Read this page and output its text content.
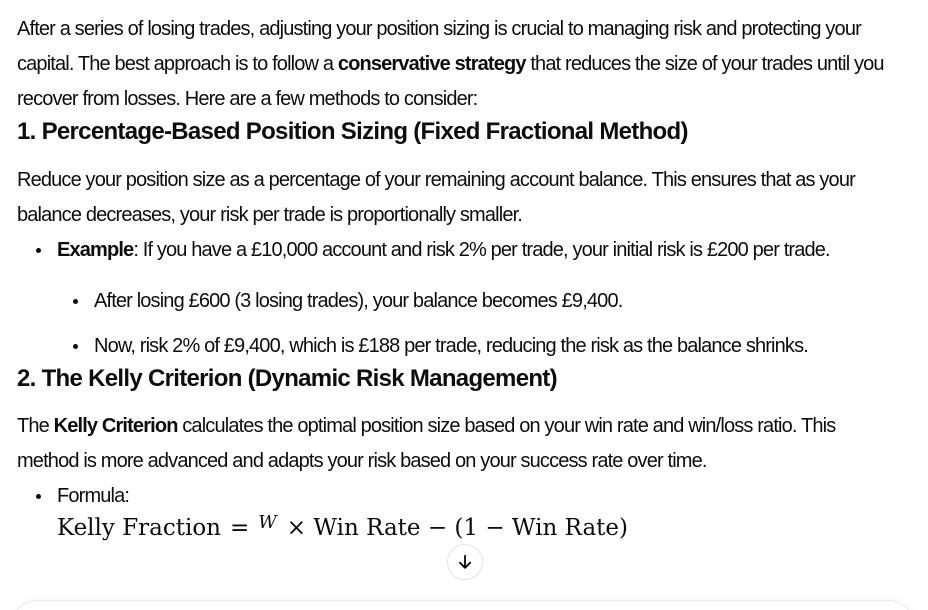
After a series of losing trades, adjusting your position sizing is crucial to managing risk and protecting your capital. The best approach is to follow a conservative strategy that reduces the size of your trades until you recover from losses. Here are a few methods to consider:

1. Percentage-Based Position Sizing (Fixed Fractional Method)

Reduce your position size as a percentage of your remaining account balance. This ensures that as your balance decreases, your risk per trade is proportionally smaller.

Example: If you have a £10,000 account and risk 2% per trade, your initial risk is £200 per trade.
After losing £600 (3 losing trades), your balance becomes £9,400.
Now, risk 2% of £9,400, which is £188 per trade, reducing the risk as the balance shrinks.
2. The Kelly Criterion (Dynamic Risk Management)

The Kelly Criterion calculates the optimal position size based on your win rate and win/loss ratio. This method is more advanced and adapts your risk based on your success rate over time.

Formula:
Kelly Fraction = $^W$ × Win Rate − (1 − Win Rate)
